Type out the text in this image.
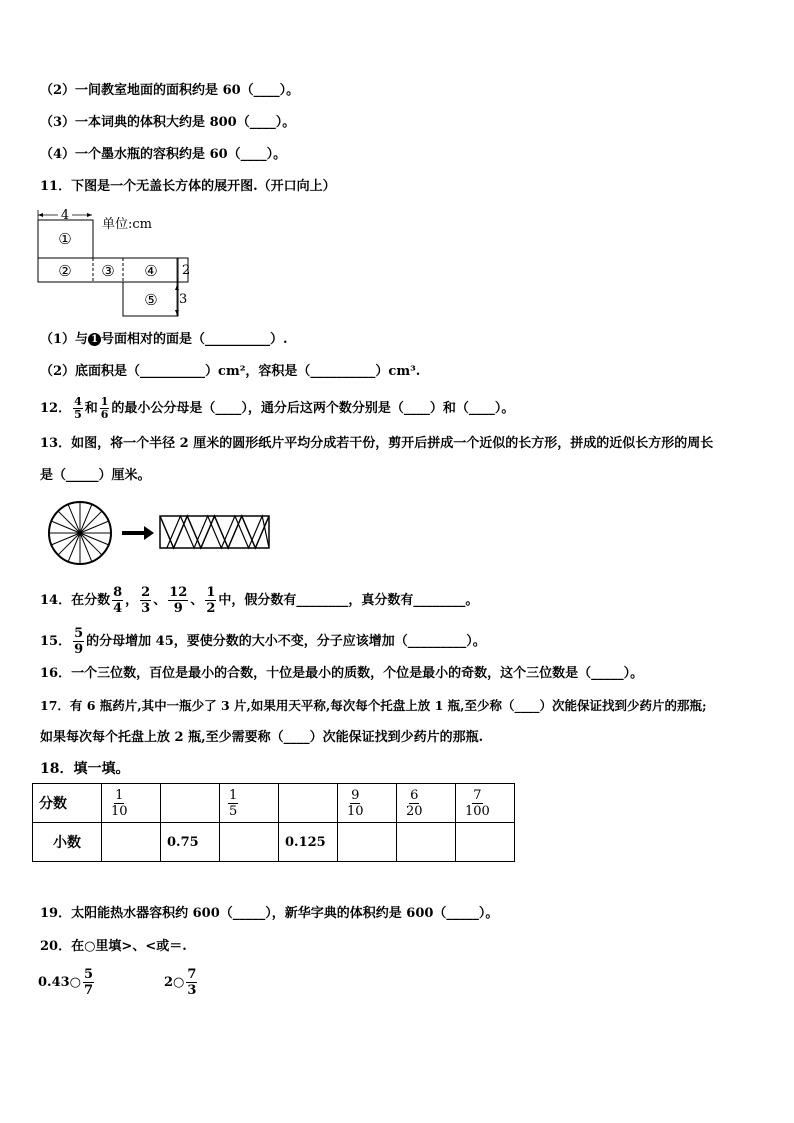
（2）一间教室地面的面积约是 60（____）。
（3）一本词典的体积大约是 800（____）。
（4）一个墨水瓶的容积约是 60（____）。
11．下图是一个无盖长方体的展开图.（开口向上）
4
单位:cm
2
3
①
② ③ ④
⑤
（1）与 1 号面相对的面是（__________）.
（2）底面积是（__________）cm²，容积是（__________）cm³.
12． $\frac{4}{5}$ 和 $\frac{1}{6}$ 的最小公分母是（____），通分后这两个数分别是（____）和（____）。
13．如图，将一个半径 2 厘米的圆形纸片平均分成若干份，剪开后拼成一个近似的长方形，拼成的近似长方形的周长
是（_____）厘米。
14．在分数 $\frac{8}{4}$ ， $\frac{2}{3}$ 、 $\frac{12}{9}$ 、 $\frac{1}{2}$ 中，假分数有________，真分数有________。
15． $\frac{5}{9}$ 的分母增加 45，要使分数的大小不变，分子应该增加（_________）。
16．一个三位数，百位是最小的合数，十位是最小的质数，个位是最小的奇数，这个三位数是（_____）。
17．有 6 瓶药片,其中一瓶少了 3 片,如果用天平称,每次每个托盘上放 1 瓶,至少称（____）次能保证找到少药片的那瓶;
如果每次每个托盘上放 2 瓶,至少需要称（____）次能保证找到少药片的那瓶.
18．填一填。
分数	$\frac{1}{10}$		$\frac{1}{5}$		$\frac{9}{10}$	$\frac{6}{20}$	$\frac{7}{100}$

小数		0.75		0.125			
19．太阳能热水器容积约 600（_____），新华字典的体积约是 600（_____）。
20．在○里填>、<或＝.
0.43○ $\frac{5}{7}$	2○ $\frac{7}{3}$
